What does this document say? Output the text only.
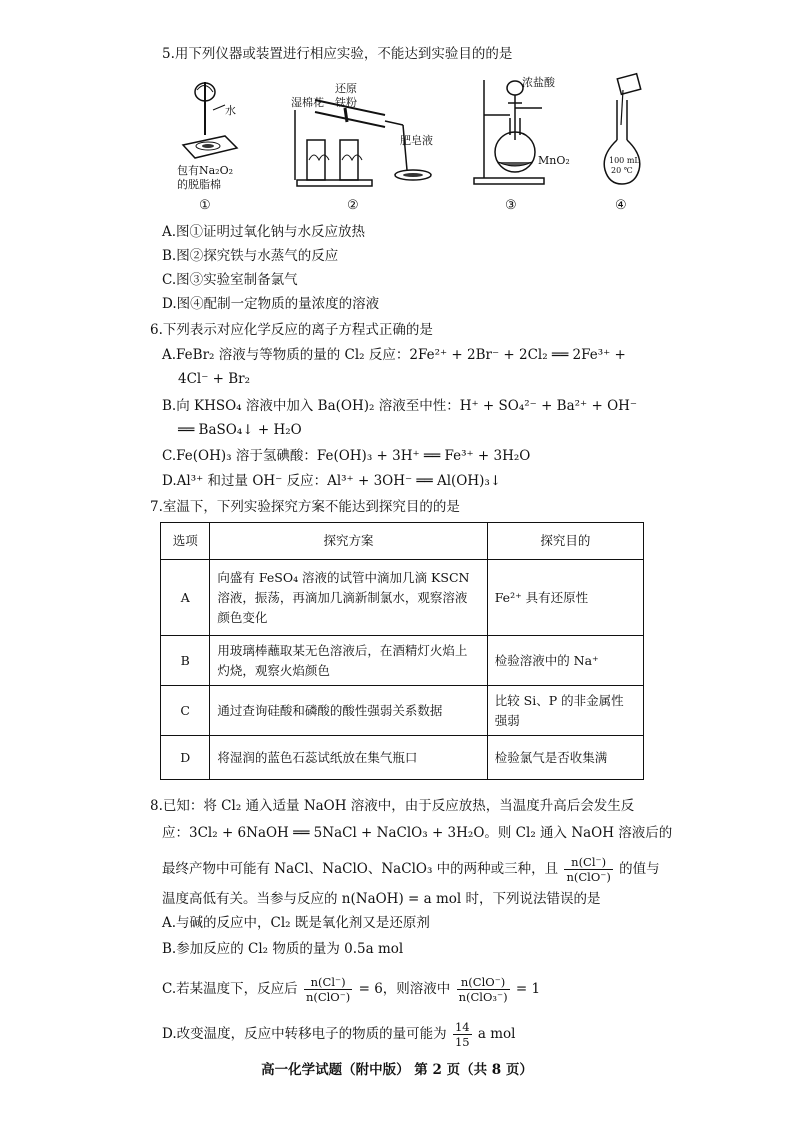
5.用下列仪器或装置进行相应实验，不能达到实验目的的是
水
包有Na₂O₂
的脱脂棉
①
湿棉花
还原
铁粉
肥皂液
②
浓盐酸
MnO₂
③
100 mL
20 ℃
④
A.图①证明过氧化钠与水反应放热
B.图②探究铁与水蒸气的反应
C.图③实验室制备氯气
D.图④配制一定物质的量浓度的溶液
6.下列表示对应化学反应的离子方程式正确的是
A.FeBr₂ 溶液与等物质的量的 Cl₂ 反应：2Fe²⁺ + 2Br⁻ + 2Cl₂ ══ 2Fe³⁺ +
4Cl⁻ + Br₂
B.向 KHSO₄ 溶液中加入 Ba(OH)₂ 溶液至中性：H⁺ + SO₄²⁻ + Ba²⁺ + OH⁻
══ BaSO₄↓ + H₂O
C.Fe(OH)₃ 溶于氢碘酸：Fe(OH)₃ + 3H⁺ ══ Fe³⁺ + 3H₂O
D.Al³⁺ 和过量 OH⁻ 反应：Al³⁺ + 3OH⁻ ══ Al(OH)₃↓
7.室温下，下列实验探究方案不能达到探究目的的是
选项	探究方案	探究目的
A	向盛有 FeSO₄ 溶液的试管中滴加几滴 KSCN 溶液，振荡，再滴加几滴新制氯水，观察溶液颜色变化	Fe²⁺ 具有还原性
B	用玻璃棒蘸取某无色溶液后，在酒精灯火焰上灼烧，观察火焰颜色	检验溶液中的 Na⁺
C	通过查询硅酸和磷酸的酸性强弱关系数据	比较 Si、P 的非金属性强弱
D	将湿润的蓝色石蕊试纸放在集气瓶口	检验氯气是否收集满
8.已知：将 Cl₂ 通入适量 NaOH 溶液中，由于反应放热，当温度升高后会发生反
应：3Cl₂ + 6NaOH ══ 5NaCl + NaClO₃ + 3H₂O。则 Cl₂ 通入 NaOH 溶液后的
最终产物中可能有 NaCl、NaClO、NaClO₃ 中的两种或三种，且 $\frac{n(Cl^-)}{\text{n(ClO⁻)}}$ 的值与
温度高低有关。当参与反应的 n(NaOH) = a mol 时，下列说法错误的是
A.与碱的反应中，Cl₂ 既是氧化剂又是还原剂
B.参加反应的 Cl₂ 物质的量为 0.5a mol
C.若某温度下，反应后 $\frac{n(Cl^-)}{\text{n(ClO⁻)}} = 6$，则溶液中 $\frac{\text{n(ClO⁻)}}{\text{n(ClO₃⁻)}} = 1$
D.改变温度，反应中转移电子的物质的量可能为 $\frac{14}{15}$ a mol
高一化学试题（附中版） 第 2 页（共 8 页）
